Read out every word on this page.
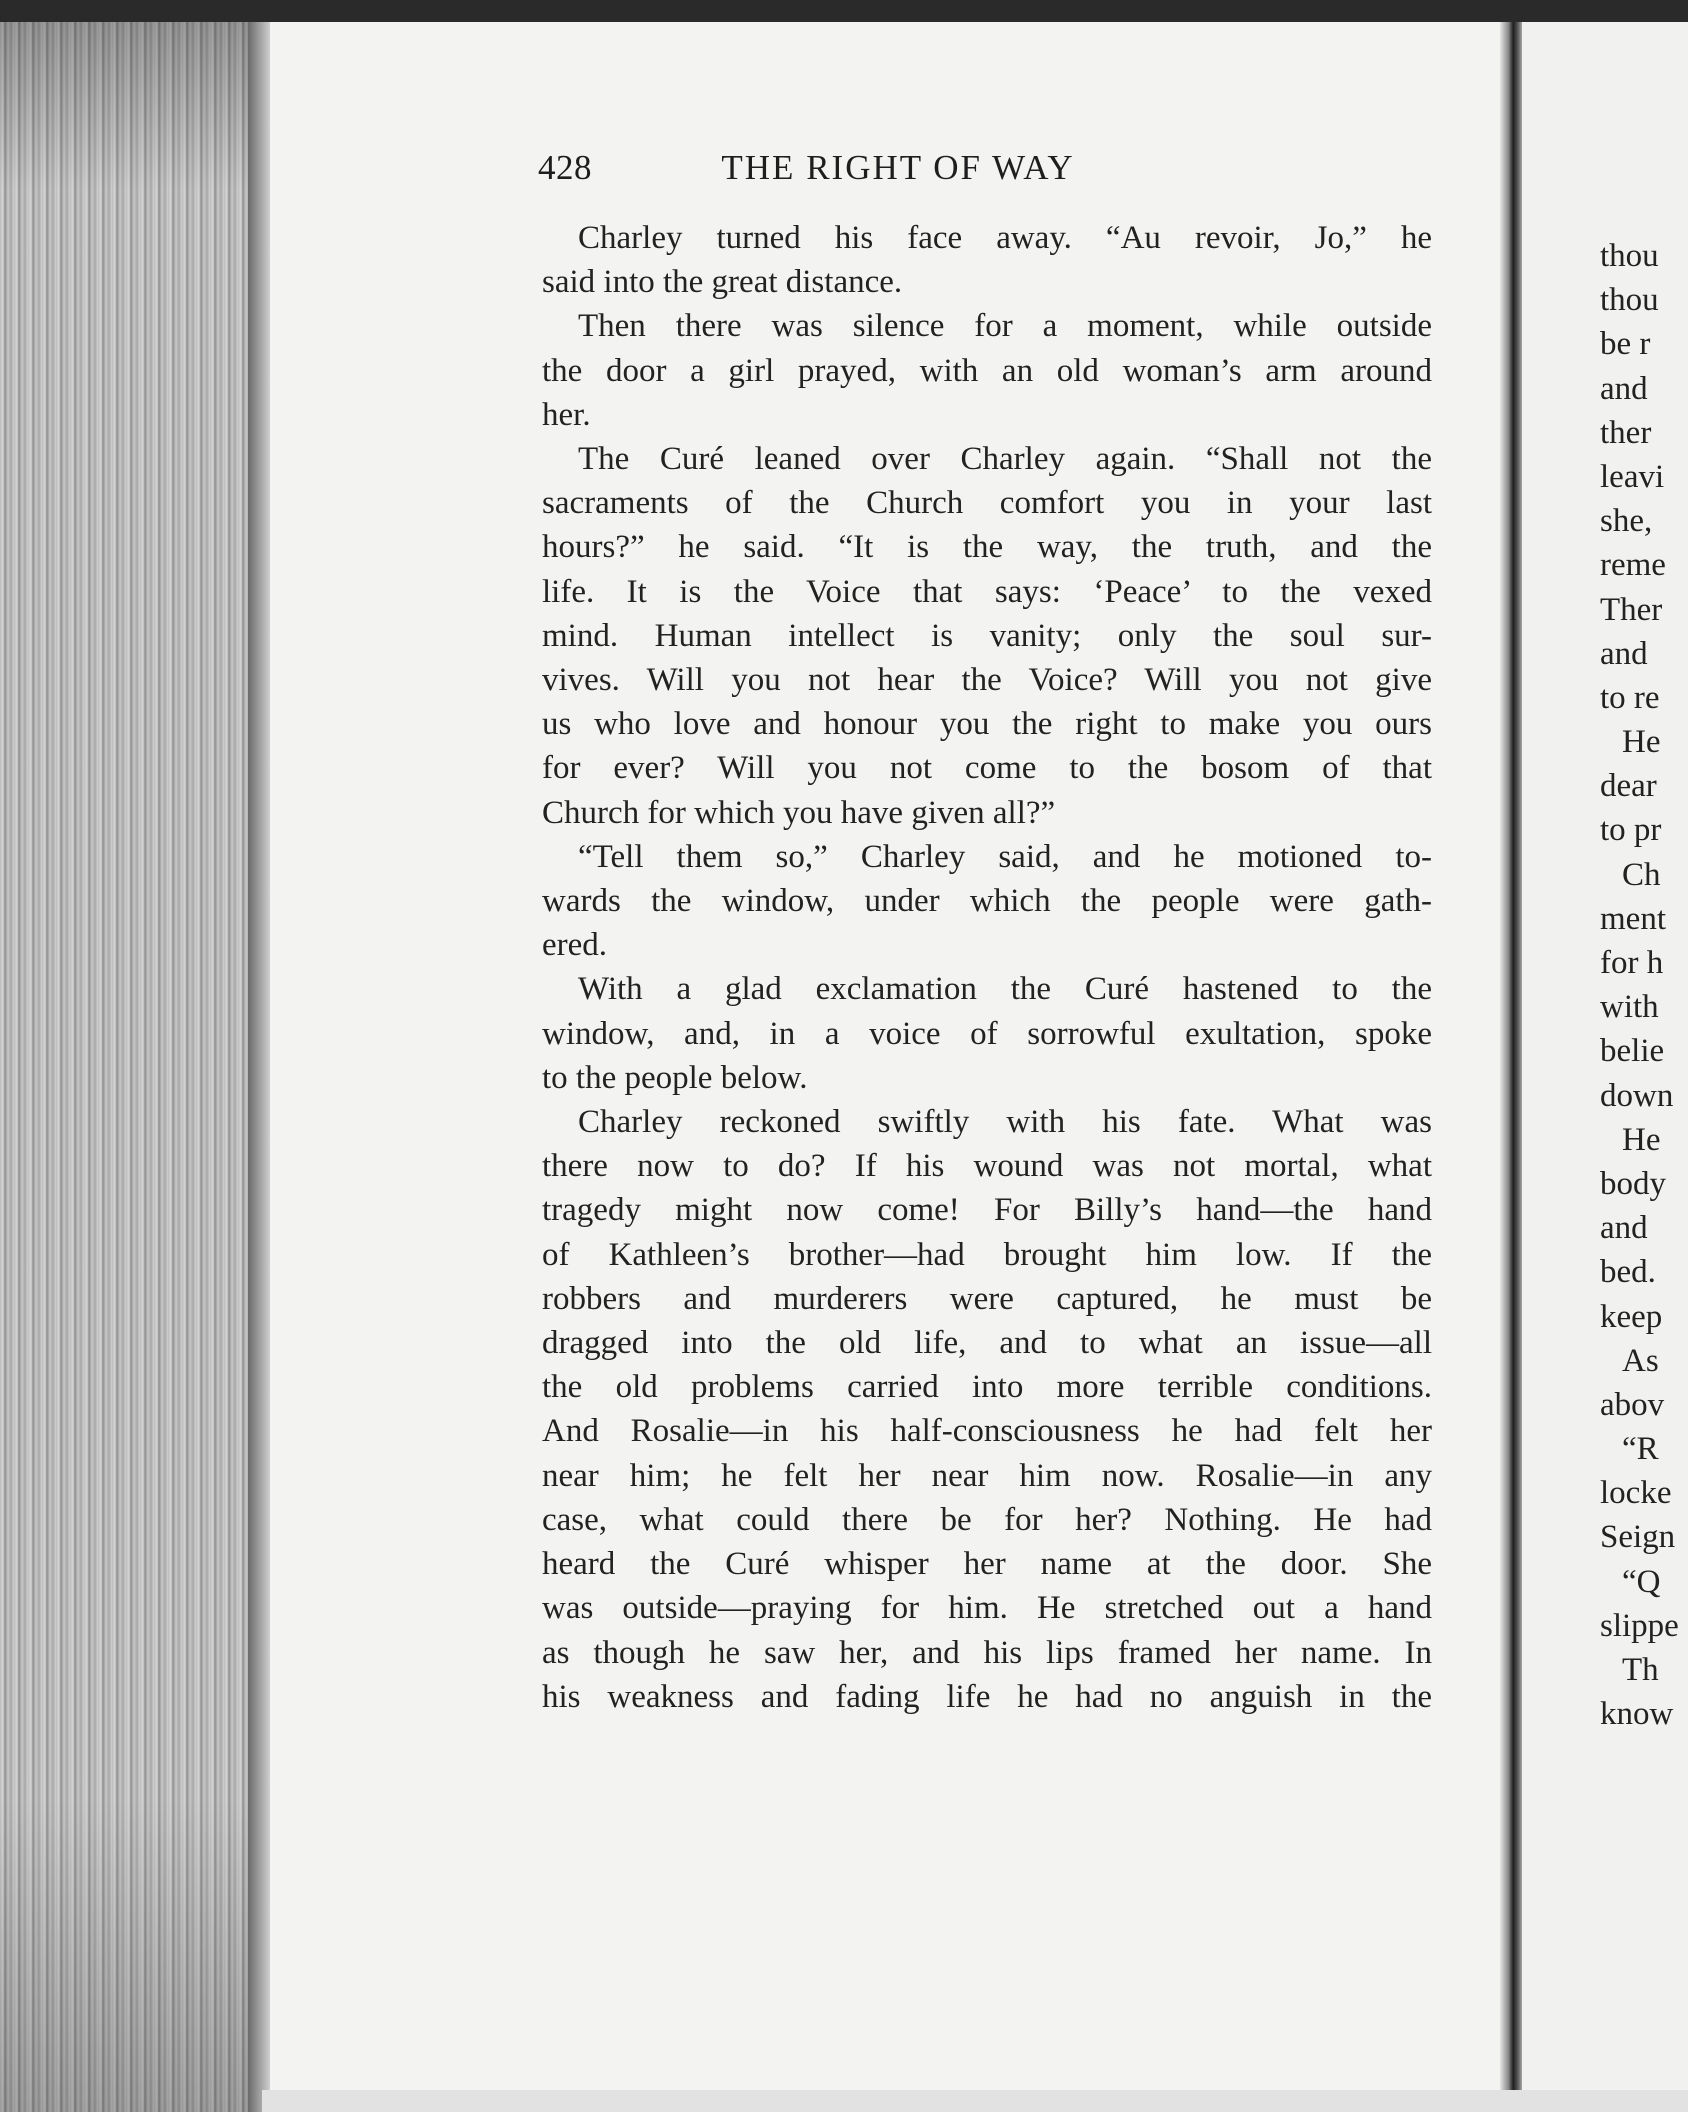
428	THE RIGHT OF WAY
Charley turned his face away. “Au revoir, Jo,” he
said into the great distance.
Then there was silence for a moment, while outside
the door a girl prayed, with an old woman’s arm around
her.
The Curé leaned over Charley again. “Shall not the
sacraments of the Church comfort you in your last
hours?” he said. “It is the way, the truth, and the
life. It is the Voice that says: ‘Peace’ to the vexed
mind. Human intellect is vanity; only the soul sur-
vives. Will you not hear the Voice? Will you not give
us who love and honour you the right to make you ours
for ever? Will you not come to the bosom of that
Church for which you have given all?”
“Tell them so,” Charley said, and he motioned to-
wards the window, under which the people were gath-
ered.
With a glad exclamation the Curé hastened to the
window, and, in a voice of sorrowful exultation, spoke
to the people below.
Charley reckoned swiftly with his fate. What was
there now to do? If his wound was not mortal, what
tragedy might now come! For Billy’s hand—the hand
of Kathleen’s brother—had brought him low. If the
robbers and murderers were captured, he must be
dragged into the old life, and to what an issue—all
the old problems carried into more terrible conditions.
And Rosalie—in his half-consciousness he had felt her
near him; he felt her near him now. Rosalie—in any
case, what could there be for her? Nothing. He had
heard the Curé whisper her name at the door. She
was outside—praying for him. He stretched out a hand
as though he saw her, and his lips framed her name. In
his weakness and fading life he had no anguish in the
thou
thou
be r
and
ther
leavi
she,
reme
Ther
and
to re
He
dear
to pr
Ch
ment
for h
with
belie
down
He
body
and
bed.
keep
As
abov
“R
locke
Seign
“Q
slippe
Th
know
